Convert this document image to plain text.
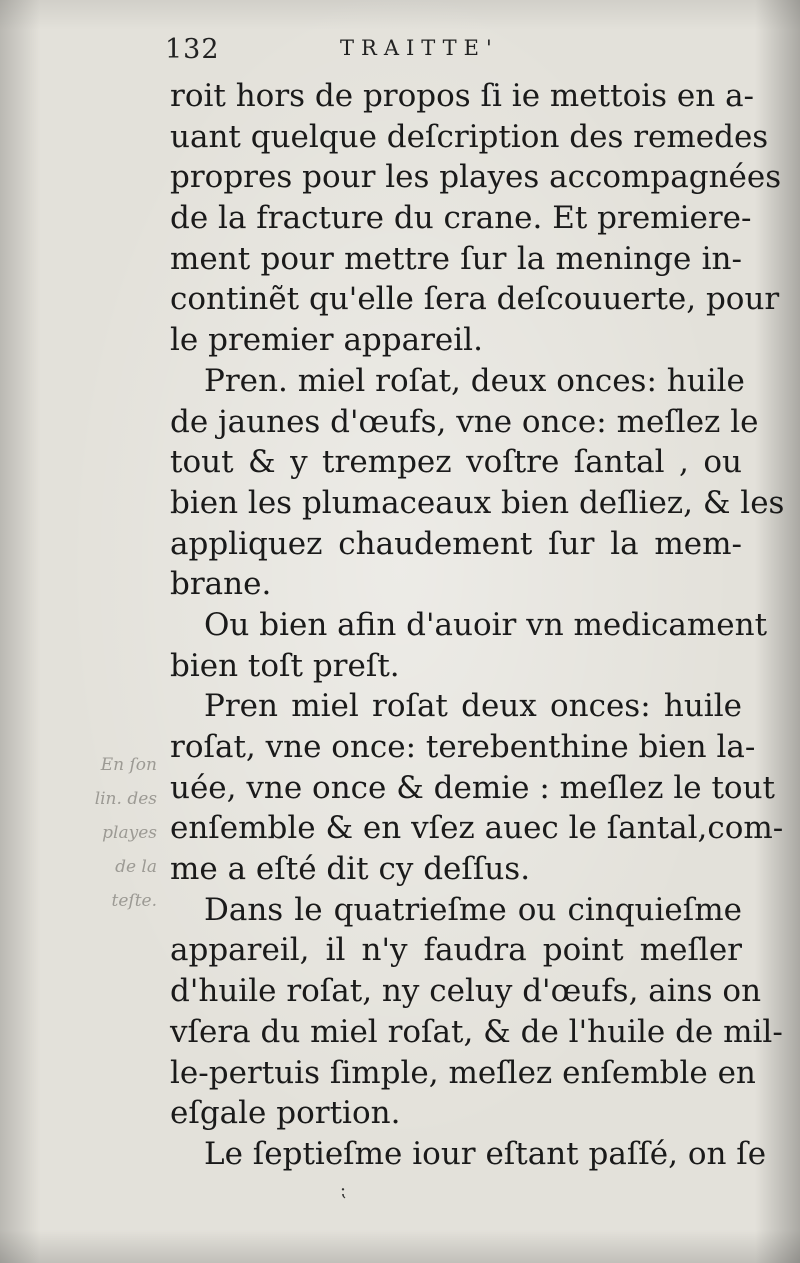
132	TRAITTE'
En ſon
lin. des
playes
de la
teſte.
roit hors de propos ſi ie mettois en a-
uant quelque deſcription des remedes
propres pour les playes accompagnées
de la fracture du crane. Et premiere-
ment pour mettre ſur la meninge in-
continẽt qu'elle ſera deſcouuerte, pour
le premier appareil.
Pren. miel roſat, deux onces: huile
de jaunes d'œufs, vne once: meſlez le
tout & y trempez voſtre ſantal , ou
bien les plumaceaux bien deſliez, & les
appliquez chaudement ſur la mem-
brane.
Ou bien afin d'auoir vn medicament
bien toſt preſt.
Pren miel roſat deux onces: huile
roſat, vne once: terebenthine bien la-
uée, vne once & demie : meſlez le tout
enſemble & en vſez auec le ſantal,com-
me a eſté dit cy deſſus.
Dans le quatrieſme ou cinquieſme
appareil, il n'y faudra point meſler
d'huile roſat, ny celuy d'œufs, ains on
vſera du miel roſat, & de l'huile de mil-
le-pertuis ſimple, meſlez enſemble en
eſgale portion.
Le ſeptieſme iour eſtant paſſé, on ſe
⁏
